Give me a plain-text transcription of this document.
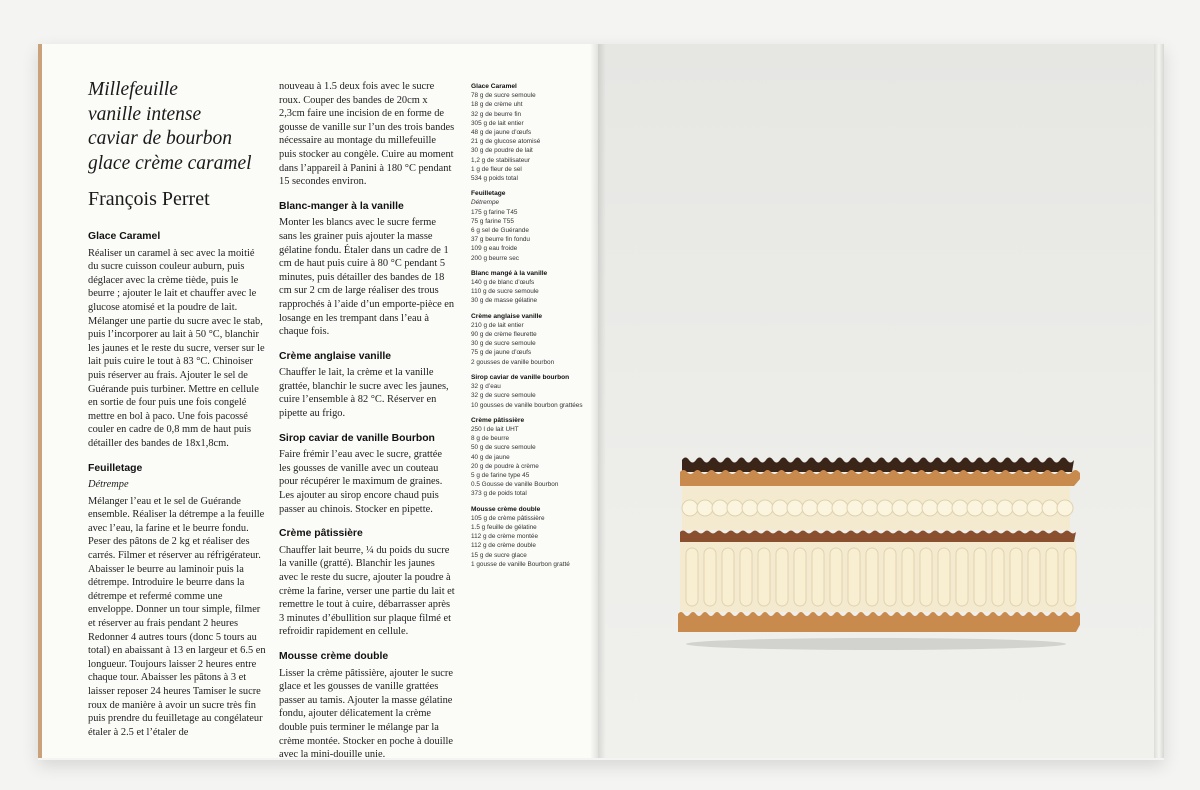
Millefeuille
vanille intense
caviar de bourbon
glace crème caramel
François Perret
Glace Caramel

Réaliser un caramel à sec avec la moitié du sucre cuisson couleur auburn, puis déglacer avec la crème tiède, puis le beurre ; ajouter le lait et chauffer avec le glucose atomisé et la poudre de lait. Mélanger une partie du sucre avec le stab, puis l’incorporer au lait à 50 °C, blanchir les jaunes et le reste du sucre, verser sur le lait puis cuire le tout à 83 °C. Chinoiser puis réserver au frais. Ajouter le sel de Guérande puis turbiner. Mettre en cellule en sortie de four puis une fois congelé mettre en bol à paco. Une fois pacossé couler en cadre de 0,8 mm de haut puis détailler des bandes de 18x1,8cm.

Feuilletage

Détrempe

Mélanger l’eau et le sel de Guérande ensemble. Réaliser la détrempe a la feuille avec l’eau, la farine et le beurre fondu. Peser des pâtons de 2 kg et réaliser des carrés. Filmer et réserver au réfrigérateur. Abaisser le beurre au laminoir puis la détrempe. Introduire le beurre dans la détrempe et refermé comme une enveloppe. Donner un tour simple, filmer et réserver au frais pendant 2 heures Redonner 4 autres tours (donc 5 tours au total) en abaissant à 13 en largeur et 6.5 en longueur. Toujours laisser 2 heures entre chaque tour. Abaisser les pâtons à 3 et laisser reposer 24 heures Tamiser le sucre roux de manière à avoir un sucre très fin puis prendre du feuilletage au congélateur étaler à 2.5 et l’étaler de

nouveau à 1.5 deux fois avec le sucre roux. Couper des bandes de 20cm x 2,3cm faire une incision de en forme de gousse de vanille sur l’un des trois bandes nécessaire au montage du millefeuille puis stocker au congèle. Cuire au moment dans l’appareil à Panini à 180 °C pendant 15 secondes environ.

Blanc-manger à la vanille

Monter les blancs avec le sucre ferme sans les grainer puis ajouter la masse gélatine fondu. Étaler dans un cadre de 1 cm de haut puis cuire à 80 °C pendant 5 minutes, puis détailler des bandes de 18 cm sur 2 cm de large réaliser des trous rapprochés à l’aide d’un emporte-pièce en losange en les trempant dans l’eau à chaque fois.

Crème anglaise vanille

Chauffer le lait, la crème et la vanille grattée, blanchir le sucre avec les jaunes, cuire l’ensemble à 82 °C. Réserver en pipette au frigo.

Sirop caviar de vanille Bourbon

Faire frémir l’eau avec le sucre, grattée les gousses de vanille avec un couteau pour récupérer le maximum de graines. Les ajouter au sirop encore chaud puis passer au chinois. Stocker en pipette.

Crème pâtissière

Chauffer lait beurre, ¼ du poids du sucre la vanille (gratté). Blanchir les jaunes avec le reste du sucre, ajouter la poudre à crème la farine, verser une partie du lait et remettre le tout à cuire, débarrasser après 3 minutes d’ébullition sur plaque filmé et refroidir rapidement en cellule.

Mousse crème double

Lisser la crème pâtissière, ajouter le sucre glace et les gousses de vanille grattées passer au tamis. Ajouter la masse gélatine fondu, ajouter délicatement la crème double puis terminer le mélange par la crème montée. Stocker en poche à douille avec la mini-douille unie.

Glace Caramel
78 g de sucre semoule
18 g de crème uht
32 g de beurre fin
305 g de lait entier
48 g de jaune d’œufs
21 g de glucose atomisé
30 g de poudre de lait
1,2 g de stabilisateur
1 g de fleur de sel
534 g poids total
Feuilletage
Détrempe
175 g farine T45
75 g farine T55
6 g sel de Guérande
37 g beurre fin fondu
109 g eau froide
200 g beurre sec
Blanc mangé à la vanille
140 g de blanc d’œufs
110 g de sucre semoule
30 g de masse gélatine
Crème anglaise vanille
210 g de lait entier
90 g de crème fleurette
30 g de sucre semoule
75 g de jaune d’œufs
2 gousses de vanille bourbon
Sirop caviar de vanille bourbon
32 g d’eau
32 g de sucre semoule
10 gousses de vanille bourbon grattées
Crème pâtissière
250 l de lait UHT
8 g de beurre
50 g de sucre semoule
40 g de jaune
20 g de poudre à crème
5 g de farine type 45
0.5 Gousse de vanille Bourbon
373 g de poids total
Mousse crème double
105 g de crème pâtissière
1.5 g feuille de gélatine
112 g de crème montée
112 g de crème double
15 g de sucre glace
1 gousse de vanille Bourbon gratté
